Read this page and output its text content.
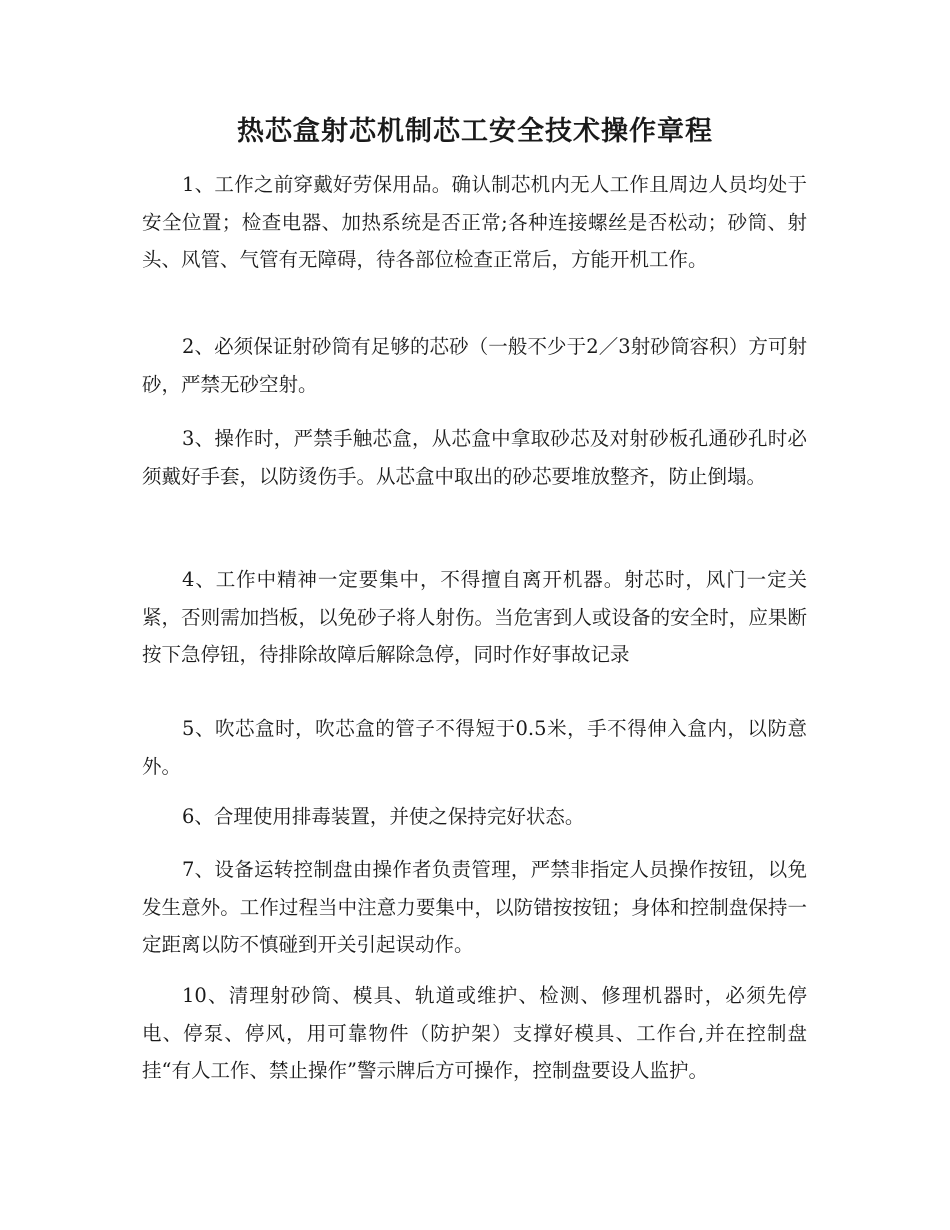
热芯盒射芯机制芯工安全技术操作章程

1、工作之前穿戴好劳保用品。确认制芯机内无人工作且周边人员均处于安全位置；检查电器、加热系统是否正常;各种连接螺丝是否松动；砂筒、射头、风管、气管有无障碍，待各部位检查正常后，方能开机工作。

2、必须保证射砂筒有足够的芯砂（一般不少于2／3射砂筒容积）方可射砂，严禁无砂空射。

3、操作时，严禁手触芯盒，从芯盒中拿取砂芯及对射砂板孔通砂孔时必须戴好手套，以防烫伤手。从芯盒中取出的砂芯要堆放整齐，防止倒塌。

4、工作中精神一定要集中，不得擅自离开机器。射芯时，风门一定关紧，否则需加挡板，以免砂子将人射伤。当危害到人或设备的安全时，应果断按下急停钮，待排除故障后解除急停，同时作好事故记录

5、吹芯盒时，吹芯盒的管子不得短于0.5米，手不得伸入盒内，以防意外。

6、合理使用排毒装置，并使之保持完好状态。

7、设备运转控制盘由操作者负责管理，严禁非指定人员操作按钮，以免发生意外。工作过程当中注意力要集中，以防错按按钮；身体和控制盘保持一定距离以防不慎碰到开关引起误动作。

10、清理射砂筒、模具、轨道或维护、检测、修理机器时，必须先停电、停泵、停风，用可靠物件（防护架）支撑好模具、工作台,并在控制盘挂“有人工作、禁止操作”警示牌后方可操作，控制盘要设人监护。
